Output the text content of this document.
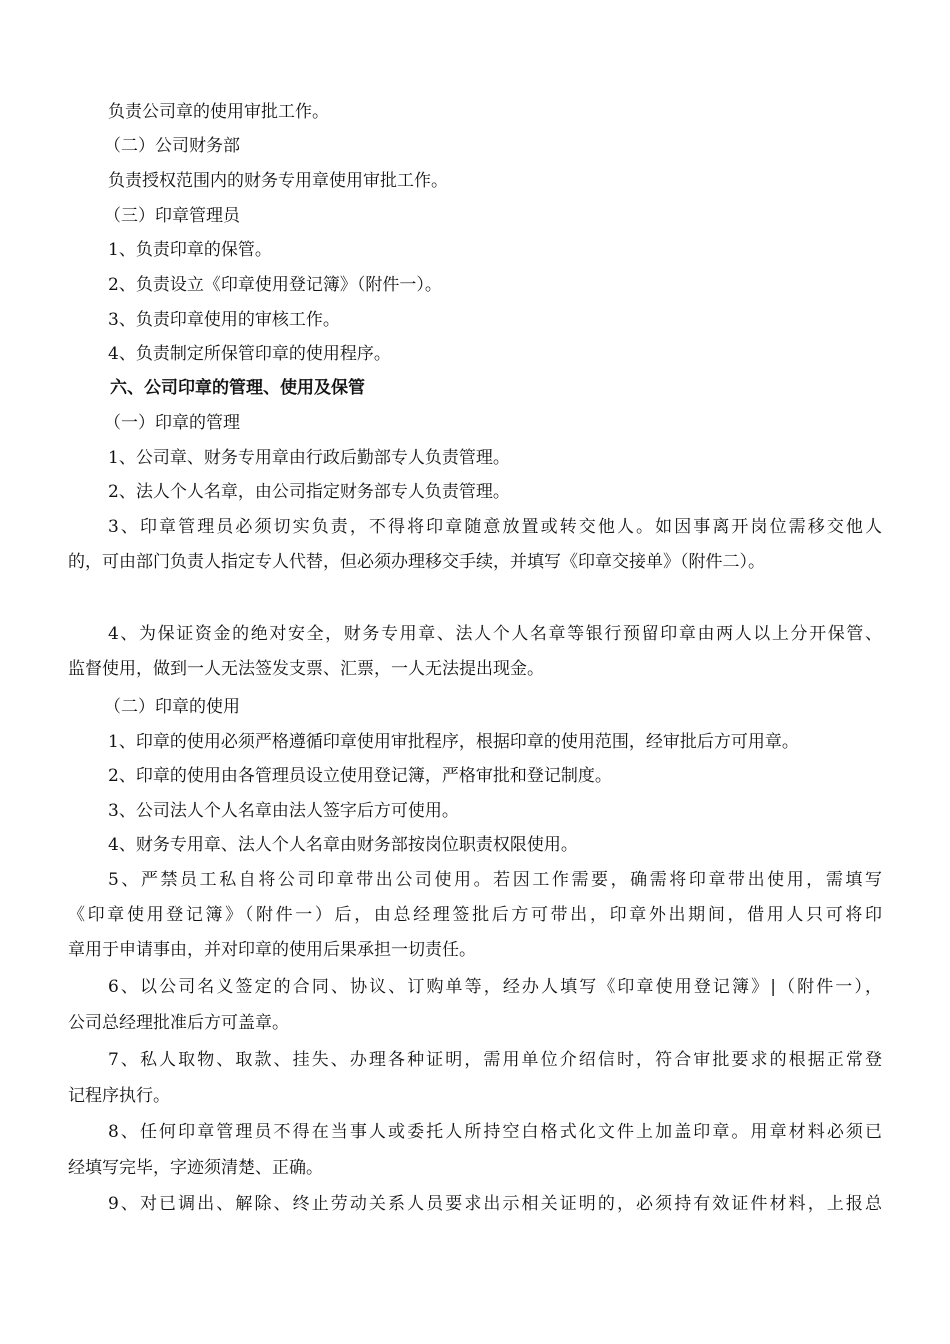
负责公司章的使用审批工作。
（二）公司财务部
负责授权范围内的财务专用章使用审批工作。
（三）印章管理员
1、负责印章的保管。
2、负责设立《印章使用登记簿》（附件一）。
3、负责印章使用的审核工作。
4、负责制定所保管印章的使用程序。
六、公司印章的管理、使用及保管
（一）印章的管理
1、公司章、财务专用章由行政后勤部专人负责管理。
2、法人个人名章，由公司指定财务部专人负责管理。
3、印章管理员必须切实负责，不得将印章随意放置或转交他人。如因事离开岗位需移交他人
的，可由部门负责人指定专人代替，但必须办理移交手续，并填写《印章交接单》（附件二）。
4、为保证资金的绝对安全，财务专用章、法人个人名章等银行预留印章由两人以上分开保管、
监督使用，做到一人无法签发支票、汇票，一人无法提出现金。
（二）印章的使用
1、印章的使用必须严格遵循印章使用审批程序，根据印章的使用范围，经审批后方可用章。
2、印章的使用由各管理员设立使用登记簿，严格审批和登记制度。
3、公司法人个人名章由法人签字后方可使用。
4、财务专用章、法人个人名章由财务部按岗位职责权限使用。
5、严禁员工私自将公司印章带出公司使用。若因工作需要，确需将印章带出使用，需填写
《印章使用登记簿》（附件一）后，由总经理签批后方可带出，印章外出期间，借用人只可将印
章用于申请事由，并对印章的使用后果承担一切责任。
6、以公司名义签定的合同、协议、订购单等，经办人填写《印章使用登记簿》|（附件一），
公司总经理批准后方可盖章。
7、私人取物、取款、挂失、办理各种证明，需用单位介绍信时，符合审批要求的根据正常登
记程序执行。
8、任何印章管理员不得在当事人或委托人所持空白格式化文件上加盖印章。用章材料必须已
经填写完毕，字迹须清楚、正确。
9、对已调出、解除、终止劳动关系人员要求出示相关证明的，必须持有效证件材料，上报总
